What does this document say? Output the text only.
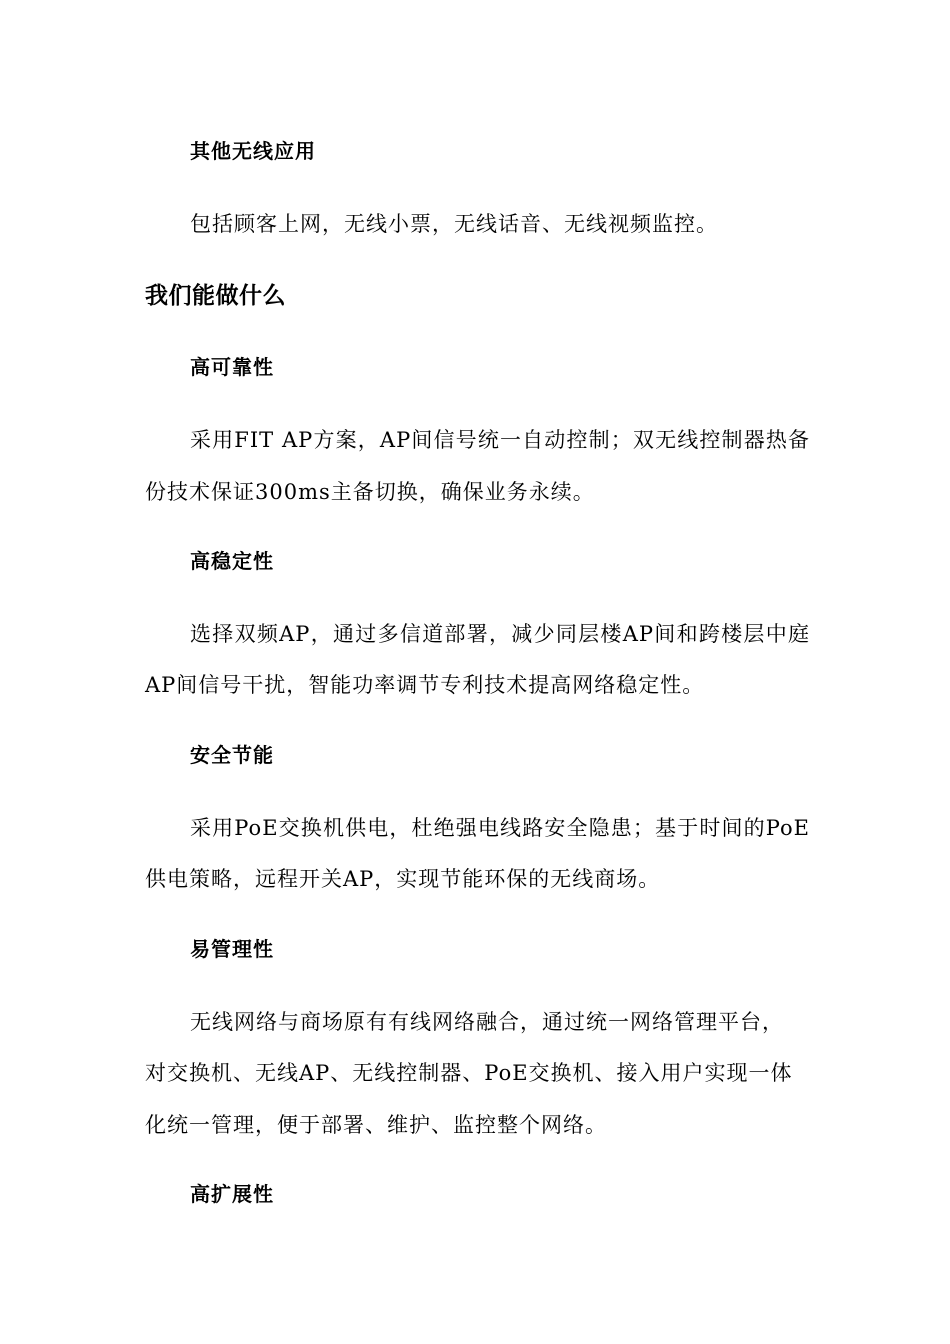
其他无线应用

包括顾客上网，无线小票，无线话音、无线视频监控。

我们能做什么
高可靠性

采用FIT AP方案，AP间信号统一自动控制；双无线控制器热备

份技术保证300ms主备切换，确保业务永续。

高稳定性

选择双频AP，通过多信道部署，减少同层楼AP间和跨楼层中庭

AP间信号干扰，智能功率调节专利技术提高网络稳定性。

安全节能

采用PoE交换机供电，杜绝强电线路安全隐患；基于时间的PoE

供电策略，远程开关AP，实现节能环保的无线商场。

易管理性

无线网络与商场原有有线网络融合，通过统一网络管理平台，

对交换机、无线AP、无线控制器、PoE交换机、接入用户实现一体

化统一管理，便于部署、维护、监控整个网络。

高扩展性
